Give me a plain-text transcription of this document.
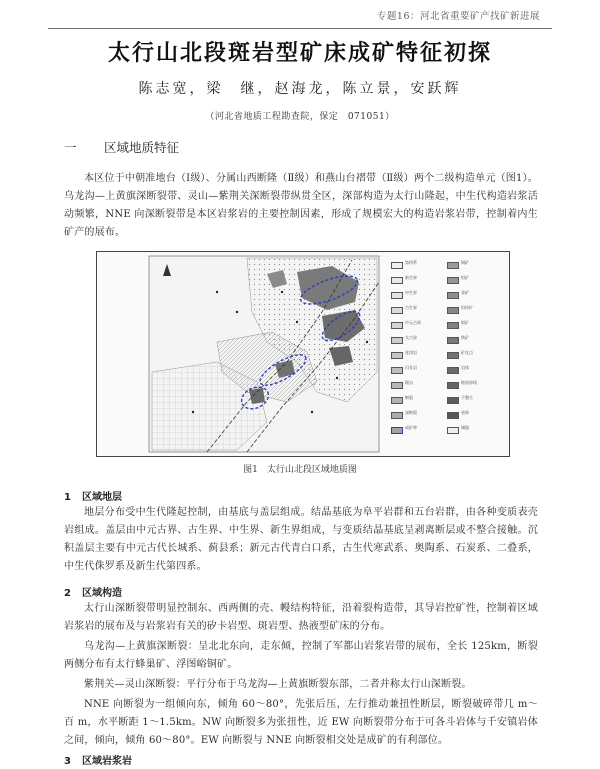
专题16：河北省重要矿产找矿新进展
太行山北段斑岩型矿床成矿特征初探
陈志宽，梁　继，赵海龙，陈立景，安跃辉
（河北省地质工程勘查院，保定　071051）
一 区域地质特征
本区位于中朝准地台（Ⅰ级）、分属山西断隆（Ⅱ级）和燕山台褶带（Ⅱ级）两个二级构造单元（图1）。乌龙沟—上黄旗深断裂带、灵山—紫荆关深断裂带纵贯全区，深部构造为太行山隆起，中生代构造岩浆活动频繁，NNE 向深断裂带是本区岩浆岩的主要控制因素，形成了规模宏大的构造岩浆岩带，控制着内生矿产的展布。
第四系
新生界
中生界
古生界
中元古界
太古界
花岗岩
闪长岩
斑岩
断裂
深断裂
成矿带
铜矿
钼矿
金矿
铅锌矿
银矿
铁矿
矿化点
岩体
地质界线
不整合
省界
城镇
图1　太行山北段区域地质图
1 区域地层
地层分布受中生代隆起控制，由基底与盖层组成。结晶基底为阜平岩群和五台岩群，由各种变质表壳岩组成。盖层由中元古界、古生界、中生界、新生界组成，与变质结晶基底呈剥离断层或不整合接触。沉积盖层主要有中元古代长城系、蓟县系；新元古代青白口系，古生代寒武系、奥陶系、石炭系、二叠系，中生代侏罗系及新生代第四系。
2 区域构造
太行山深断裂带明显控制东、西两侧的壳、幔结构特征，沿着裂构造带，其导岩控矿性，控制着区域岩浆岩的展布及与岩浆岩有关的矽卡岩型、斑岩型、热液型矿床的分布。
乌龙沟—上黄旗深断裂：呈北北东向，走东倾，控制了军都山岩浆岩带的展布，全长 125km，断裂两侧分布有太行蜂巢矿、浮图峪铜矿。
紫荆关—灵山深断裂：平行分布于乌龙沟—上黄旗断裂东部，二者并称太行山深断裂。
NNE 向断裂为一组倾向东，倾角 60～80°，先张后压，左行推动兼扭性断层，断裂破碎带几 m～百 m，水平断距 1～1.5km。NW 向断裂多为张扭性，近 EW 向断裂带分布于可各斗岩体与千安镇岩体之间，倾向，倾角 60～80°。EW 向断裂与 NNE 向断裂相交处是成矿的有利部位。
3 区域岩浆岩
